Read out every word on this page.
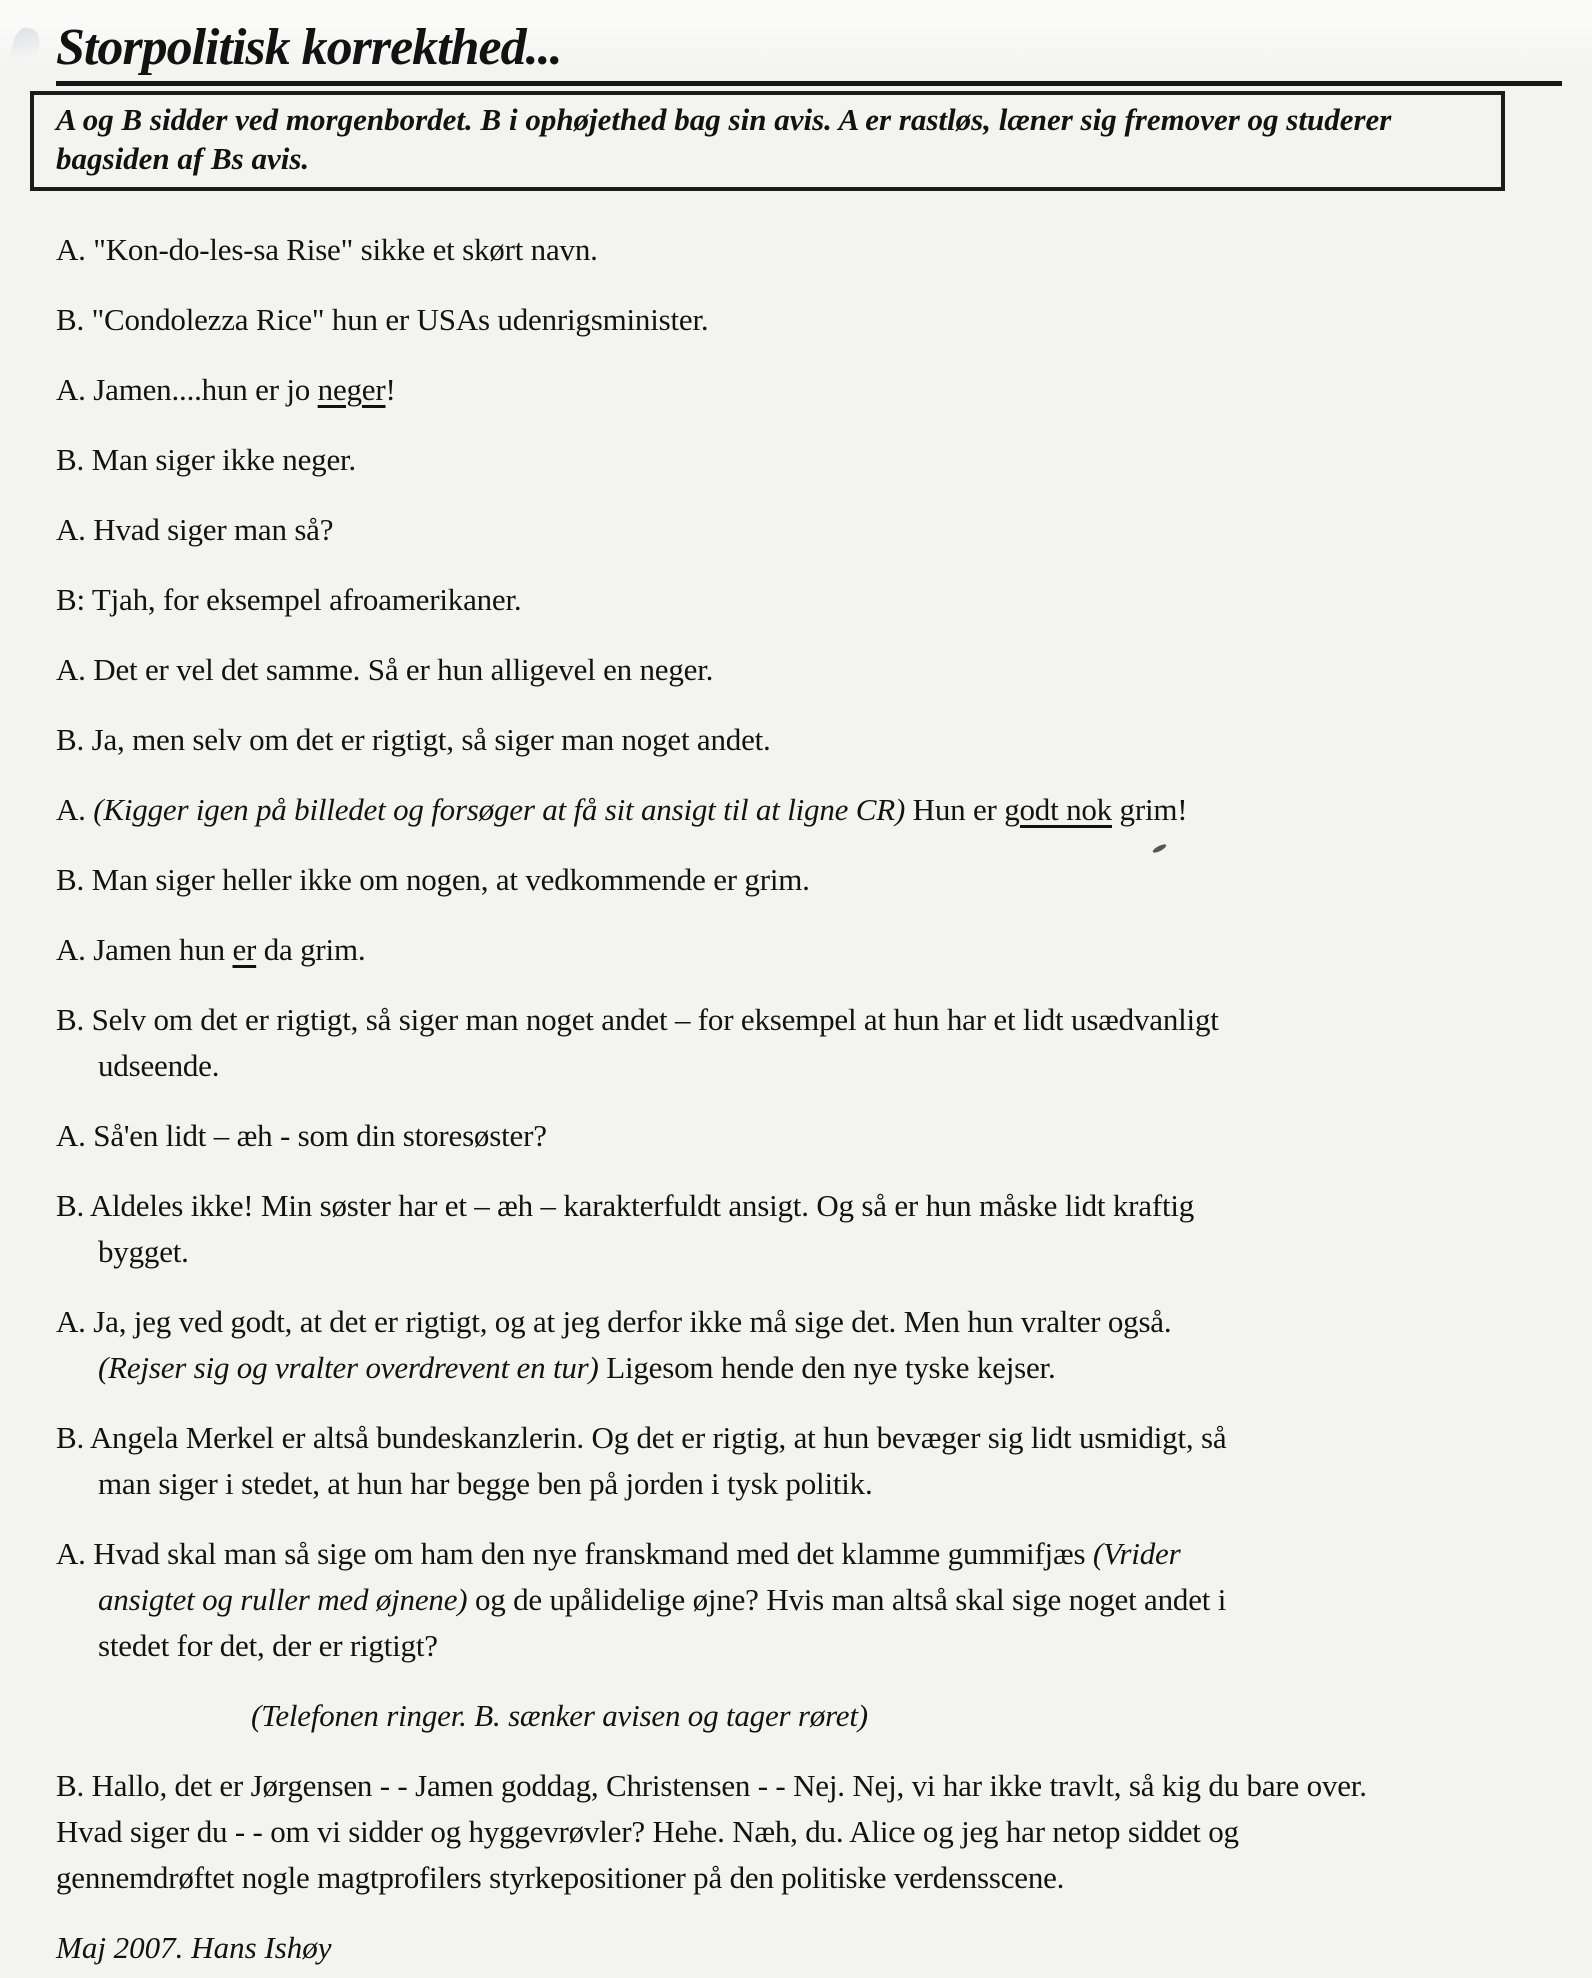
Storpolitisk korrekthed...

A og B sidder ved morgenbordet. B i ophøjethed bag sin avis. A er rastløs, læner sig fremover og studerer

bagsiden af Bs avis.

A. "Kon-do-les-sa Rise" sikke et skørt navn.
B. "Condolezza Rice" hun er USAs udenrigsminister.
A. Jamen....hun er jo neger!
B. Man siger ikke neger.
A. Hvad siger man så?
B: Tjah, for eksempel afroamerikaner.
A. Det er vel det samme. Så er hun alligevel en neger.
B. Ja, men selv om det er rigtigt, så siger man noget andet.
A. (Kigger igen på billedet og forsøger at få sit ansigt til at ligne CR) Hun er godt nok grim!
B. Man siger heller ikke om nogen, at vedkommende er grim.
A. Jamen hun er da grim.
B. Selv om det er rigtigt, så siger man noget andet – for eksempel at hun har et lidt usædvanligt
udseende.
A. Så'en lidt – æh - som din storesøster?
B. Aldeles ikke! Min søster har et – æh – karakterfuldt ansigt. Og så er hun måske lidt kraftig
bygget.
A. Ja, jeg ved godt, at det er rigtigt, og at jeg derfor ikke må sige det. Men hun vralter også.
(Rejser sig og vralter overdrevent en tur) Ligesom hende den nye tyske kejser.
B. Angela Merkel er altså bundeskanzlerin. Og det er rigtig, at hun bevæger sig lidt usmidigt, så
man siger i stedet, at hun har begge ben på jorden i tysk politik.
A. Hvad skal man så sige om ham den nye franskmand med det klamme gummifjæs (Vrider
ansigtet og ruller med øjnene) og de upålidelige øjne? Hvis man altså skal sige noget andet i
stedet for det, der er rigtigt?
(Telefonen ringer. B. sænker avisen og tager røret)
B. Hallo, det er Jørgensen - - Jamen goddag, Christensen - - Nej. Nej, vi har ikke travlt, så kig du bare over.
Hvad siger du - - om vi sidder og hyggevrøvler? Hehe. Næh, du. Alice og jeg har netop siddet og
gennemdrøftet nogle magtprofilers styrkepositioner på den politiske verdensscene.

Maj 2007. Hans Ishøy
